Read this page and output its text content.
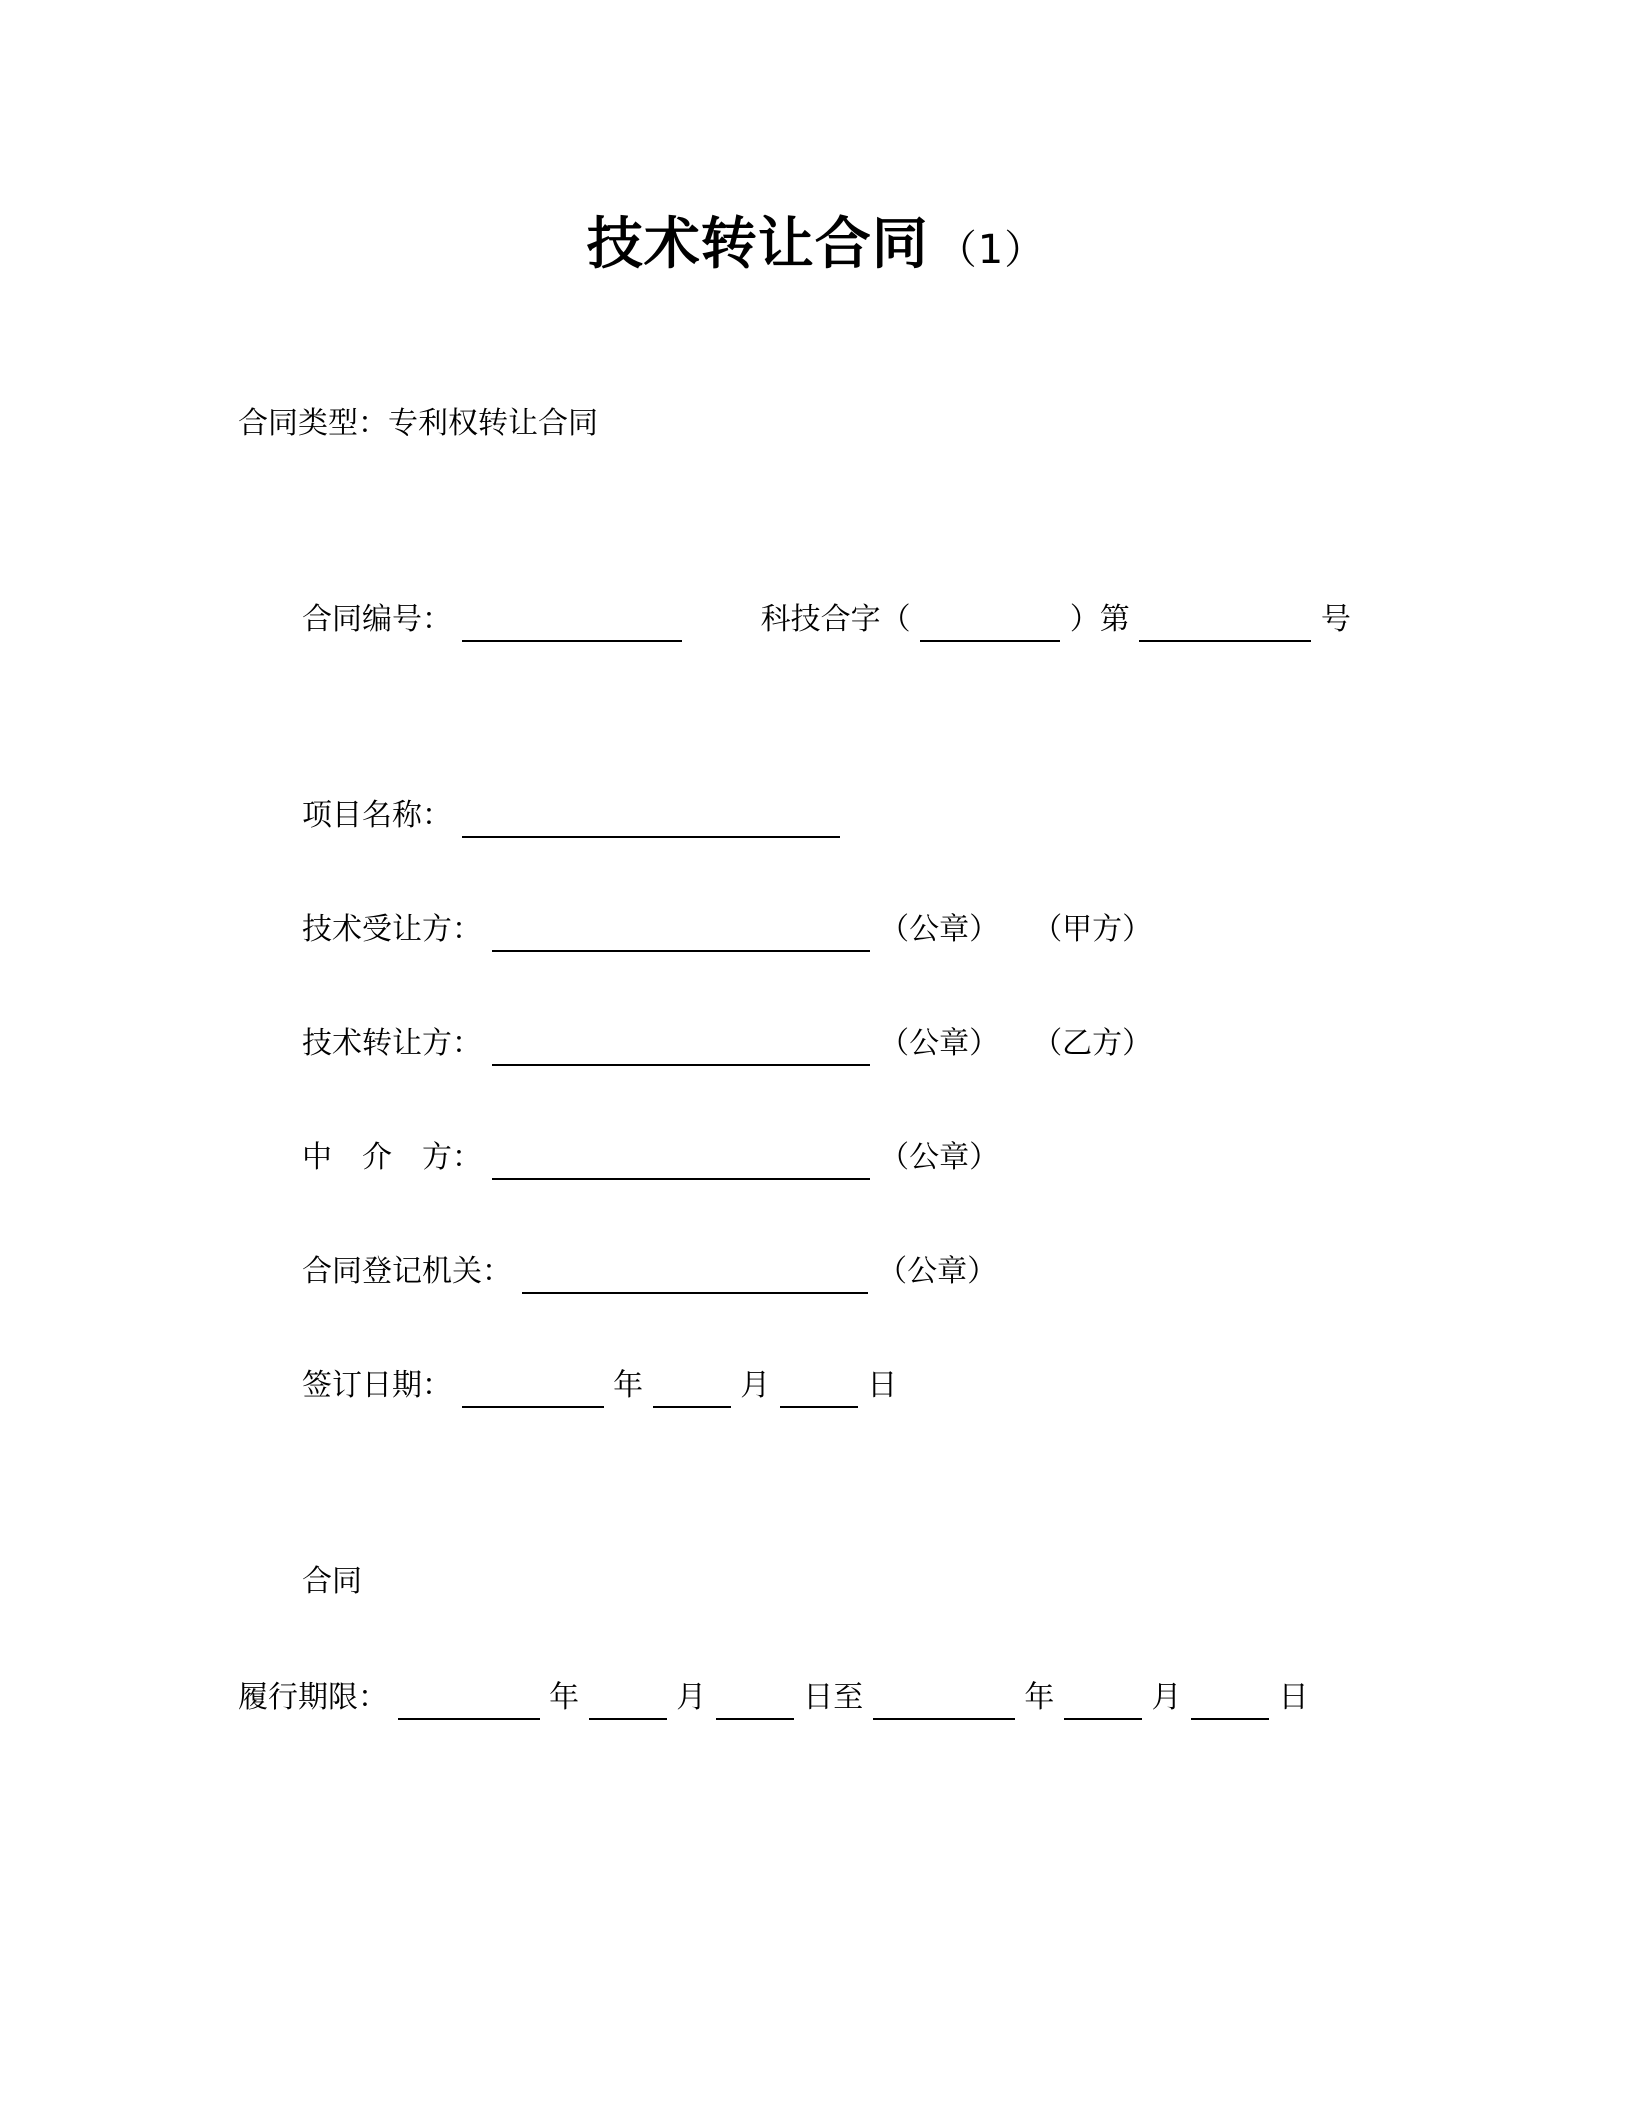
技术转让合同 （1）
合同类型：专利权转让合同
合同编号：	科技合字（	）第	号
项目名称：
技术受让方：	（公章） （甲方）
技术转让方：	（公章） （乙方）
中　介　方：	（公章）
合同登记机关：	（公章）
签订日期：	年	月	日
合同
履行期限：	年	月	日至	年	月	日
